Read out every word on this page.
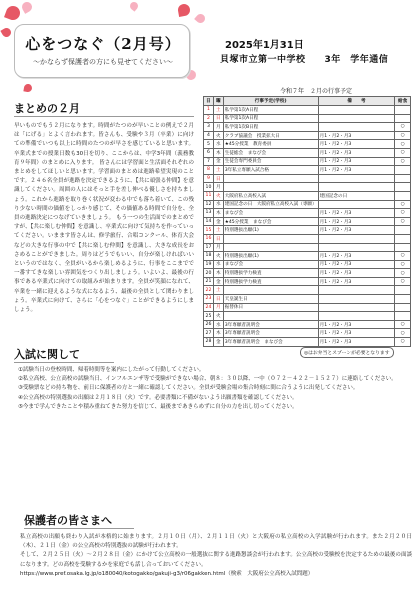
心をつなぐ（2月号）
～かならず保護者の方にも見せてください～
2025年1月31日
貝塚市立第一中学校　　3年　学年通信
令和７年　２月の行事予定
日	曜	行事予定(学校)	備　　考	給食
1	土	私学第1次A日程		
2	日	私学第1次A日程		
3	月	私学第1次B日程		○
4	火	クラブ協議会　授業拡大日	月1・月2・月3	○
5	水	★45分授業　教育委員	月1・月2・月3	○
6	木	生徒総会　まなび会	月1・月2・月3	○
7	金	生徒会専門委員会	月1・月2・月3	○
8	土	3年私立専願入試合格	月1・月2・月3	
9	日			
10	月			
11	火	大阪府私立高校入試	建国記念の日	
12	水	建国記念の日　大阪府私立高校入試（専願）		○
13	木	まなび会	月1・月2・月3	○
14	金	★45分授業　まなび会	月1・月2・月3	○
15	土	特別選抜出願(1)	月1・月2・月3	
16	日			
17	月			
18	火	特別選抜出願(1)	月1・月2・月3	○
19	水	まなび会	月1・月2・月3	○
20	木	特別選抜学力検査	月1・月2・月3	○
21	金	特別選抜学力検査	月1・月2・月3	○
22	土			
23	日	天皇誕生日		
24	月	振替休日		
25	火			
26	水	3年専願者説明会	月1・月2・月3	○
27	木	3年専願者説明会	月1・月2・月3	○
28	金	3年専願者説明会　まなび会	月1・月2・月3	○
◎はお弁当とスプーンが必要となります
まとめの２月
早いものでもう２月になります。時間がたつのが早いことの例えで２月は「にげる」とよく言われます。皆さんも、受験や３月（卒業）に向けての準備でいつも以上に時間のたつのが早さを感じていると思います。卒業式までの授業日数も30日を切り、ここからは、中学3年間（義務教育９年間）のまとめに入ります。 皆さんには学習面と生活面それぞれのまとめをしてほしいと思います。学習面のまとめは進路希望実現のことです。２４６名全員が進路を決定できるように、【共に頑張る仲間】を意識してください。周囲の人にはそっと手を差し伸べる優しさを持ちましょう。これから進路を取り巻く状況が変わる中でも落ち着いて、この残り少ない時間の価値をしっかり感じて、その価値ある時間で自分を、全員の進路決定につなげていきましょう。 もう一つの生活面でのまとめですが、【共に楽しむ仲間】を意識し、卒業式に向けて気持ちを作っていってください。いまます皆さんは、修学旅行、合唱コンクール、体育大会などの大きな行事の中で【共に楽しむ仲間】を意識し、大きな成長をおさめることができました。周りはどうでもいい、自分が楽しければいいというのではなく、全員がいるから楽しめるように、行事をここまでで一番すてきな楽しい雰囲気をつくり出しましょう。いよいよ、最後の行事である卒業式に向けての取組みが始まります。全員が笑顔になれて、卒業を一緒に迎えるような式になるよう、最後の全員として関わりましょう。卒業式に向けて、さらに「心をつなぐ」ことができるようにしましょう。
入試に関して
①試験当日の登校時間、帰着時間等を案内にしたがって行動してください。
②私立高校、公立高校の試験当日、インフルエンザ等で受験ができない場合、朝８：３０以降、一中（０７２－４２２－１５２７）に連絡してください。
③受験票などの持ち物を、前日に保護者の方と一緒に確認してください。全員が受験会場の集合時刻に間に合うように出発してください。
④公立高校の特別選抜の出願は２月１８日（火）です。必要書類に不備がないよう出願書類を確認してください。
⑤今まで学んできたことや積み重ねてきた努力を信じて、最後まであきらめずに自分の力を出し切ってください。
保護者の皆さまへ
私立高校の出願も終わり入試が本格的に始まります。２月１０日（月）、２月１１日（火）と大阪府の私立高校の入学試験が行われます。また２月２０日（木）、２１日（金）の公立高校の特別選抜の試験が行われます。
そして、２月２５日（火）～２月２８日（金）にかけて公立高校の一般選抜に関する進路懇談会が行われます。公立高校の受験校を決定するための最後の面談になります。どの高校を受験するかを家庭でも話し合っておいてください。
https://www.pref.osaka.lg.jp/o180040/kotogakko/gakuji-g3/r06gakken.html（検索　大阪府公立高校入試問題）
